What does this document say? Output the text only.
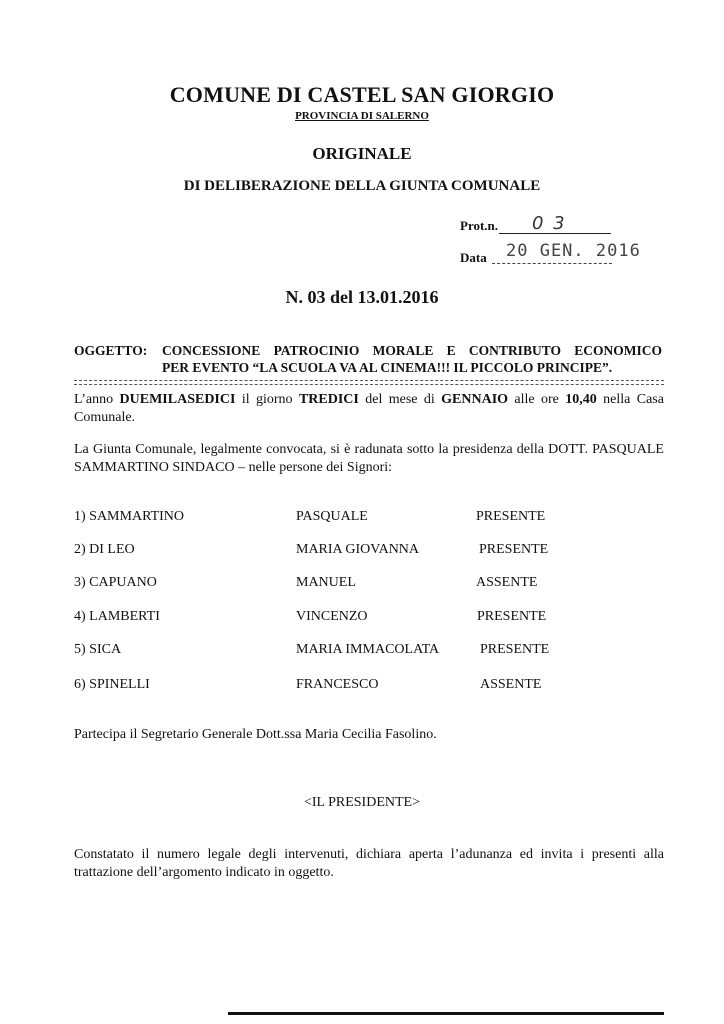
COMUNE DI CASTEL SAN GIORGIO
PROVINCIA DI SALERNO
ORIGINALE
DI DELIBERAZIONE DELLA GIUNTA COMUNALE
Prot.n. 0 3
Data 20 GEN. 2016
N. 03 del 13.01.2016
OGGETTO: CONCESSIONE PATROCINIO MORALE E CONTRIBUTO ECONOMICO
PER EVENTO “LA SCUOLA VA AL CINEMA!!! IL PICCOLO PRINCIPE”.
L’anno DUEMILASEDICI il giorno TREDICI del mese di GENNAIO alle ore 10,40 nella Casa Comunale.
La Giunta Comunale, legalmente convocata, si è radunata sotto la presidenza della DOTT. PASQUALE SAMMARTINO SINDACO – nelle persone dei Signori:
1) SAMMARTINO	PASQUALE	PRESENTE
2) DI LEO	MARIA GIOVANNA	PRESENTE
3) CAPUANO	MANUEL	ASSENTE
4) LAMBERTI	VINCENZO	PRESENTE
5) SICA	MARIA IMMACOLATA	PRESENTE
6) SPINELLI	FRANCESCO	ASSENTE
Partecipa il Segretario Generale Dott.ssa Maria Cecilia Fasolino.
<IL PRESIDENTE>
Constatato il numero legale degli intervenuti, dichiara aperta l’adunanza ed invita i presenti alla trattazione dell’argomento indicato in oggetto.
